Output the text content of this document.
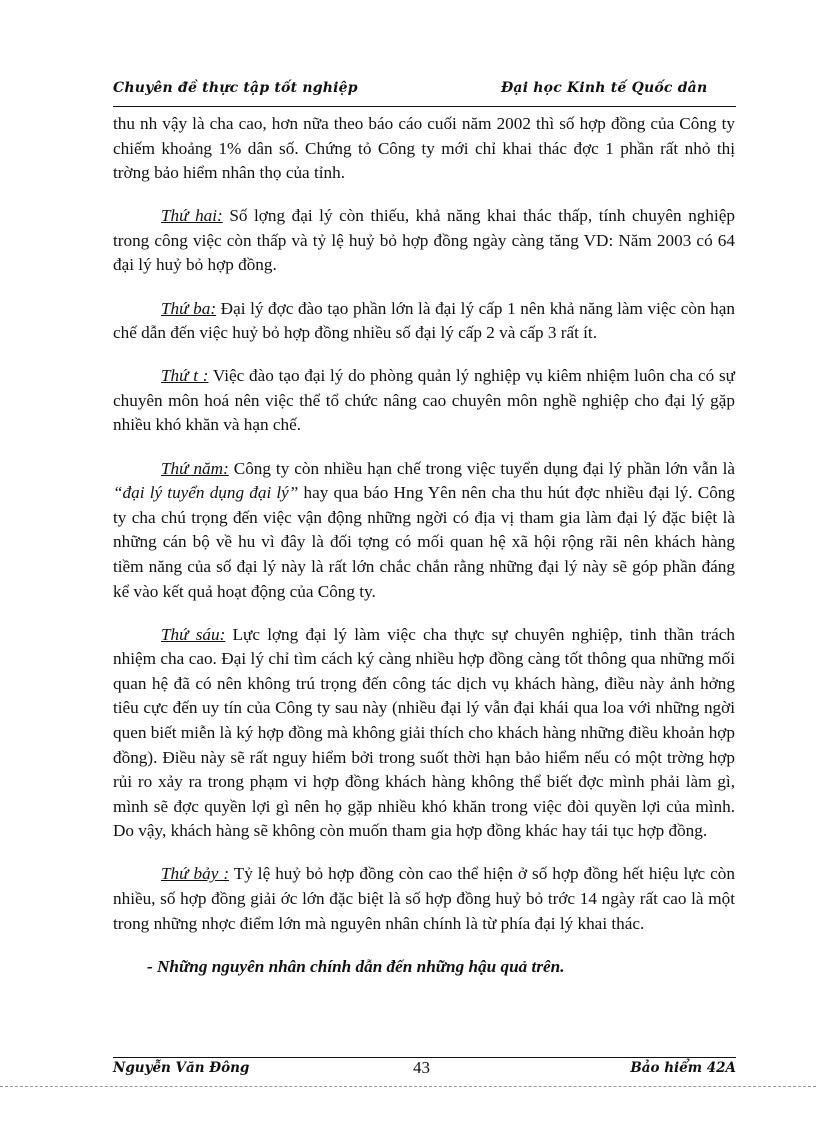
Chuyên đề thực tập tốt nghiệp	Đại học Kinh tế Quốc dân

thu nh vậy là cha cao, hơn nữa theo báo cáo cuối năm 2002 thì số hợp đồng của Công ty chiếm khoảng 1% dân số. Chứng tỏ Công ty mới chỉ khai thác đợc 1 phần rất nhỏ thị trờng bảo hiểm nhân thọ của tỉnh.

Thứ hai: Số lợng đại lý còn thiếu, khả năng khai thác thấp, tính chuyên nghiệp trong công việc còn thấp và tỷ lệ huỷ bỏ hợp đồng ngày càng tăng VD: Năm 2003 có 64 đại lý huỷ bỏ hợp đồng.

Thứ ba: Đại lý đợc đào tạo phần lớn là đại lý cấp 1 nên khả năng làm việc còn hạn chế dẫn đến việc huỷ bỏ hợp đồng nhiều số đại lý cấp 2 và cấp 3 rất ít.

Thứ t : Việc đào tạo đại lý do phòng quản lý nghiệp vụ kiêm nhiệm luôn cha có sự chuyên môn hoá nên việc thể tổ chức nâng cao chuyên môn nghề nghiệp cho đại lý gặp nhiều khó khăn và hạn chế.

Thứ năm: Công ty còn nhiều hạn chế trong việc tuyển dụng đại lý phần lớn vẫn là “đại lý tuyển dụng đại lý” hay qua báo Hng Yên nên cha thu hút đợc nhiều đại lý. Công ty cha chú trọng đến việc vận động những ngời có địa vị tham gia làm đại lý đặc biệt là những cán bộ về hu vì đây là đối tợng có mối quan hệ xã hội rộng rãi nên khách hàng tiềm năng của số đại lý này là rất lớn chắc chắn rằng những đại lý này sẽ góp phần đáng kể vào kết quả hoạt động của Công ty.

Thứ sáu: Lực lợng đại lý làm việc cha thực sự chuyên nghiệp, tinh thần trách nhiệm cha cao. Đại lý chỉ tìm cách ký càng nhiều hợp đồng càng tốt thông qua những mối quan hệ đã có nên không trú trọng đến công tác dịch vụ khách hàng, điều này ảnh hởng tiêu cực đến uy tín của Công ty sau này (nhiều đại lý vẫn đại khái qua loa với những ngời quen biết miễn là ký hợp đồng mà không giải thích cho khách hàng những điều khoản hợp đồng). Điều này sẽ rất nguy hiểm bởi trong suốt thời hạn bảo hiểm nếu có một trờng hợp rủi ro xảy ra trong phạm vi hợp đồng khách hàng không thể biết đợc mình phải làm gì, mình sẽ đợc quyền lợi gì nên họ gặp nhiều khó khăn trong việc đòi quyền lợi của mình. Do vậy, khách hàng sẽ không còn muốn tham gia hợp đồng khác hay tái tục hợp đồng.

Thứ bảy : Tỷ lệ huỷ bỏ hợp đồng còn cao thể hiện ở số hợp đồng hết hiệu lực còn nhiều, số hợp đồng giải ớc lớn đặc biệt là số hợp đồng huỷ bỏ trớc 14 ngày rất cao là một trong những nhợc điểm lớn mà nguyên nhân chính là từ phía đại lý khai thác.

- Những nguyên nhân chính dẫn đến những hậu quả trên.

Nguyễn Văn Đông	43	Bảo hiểm 42A
